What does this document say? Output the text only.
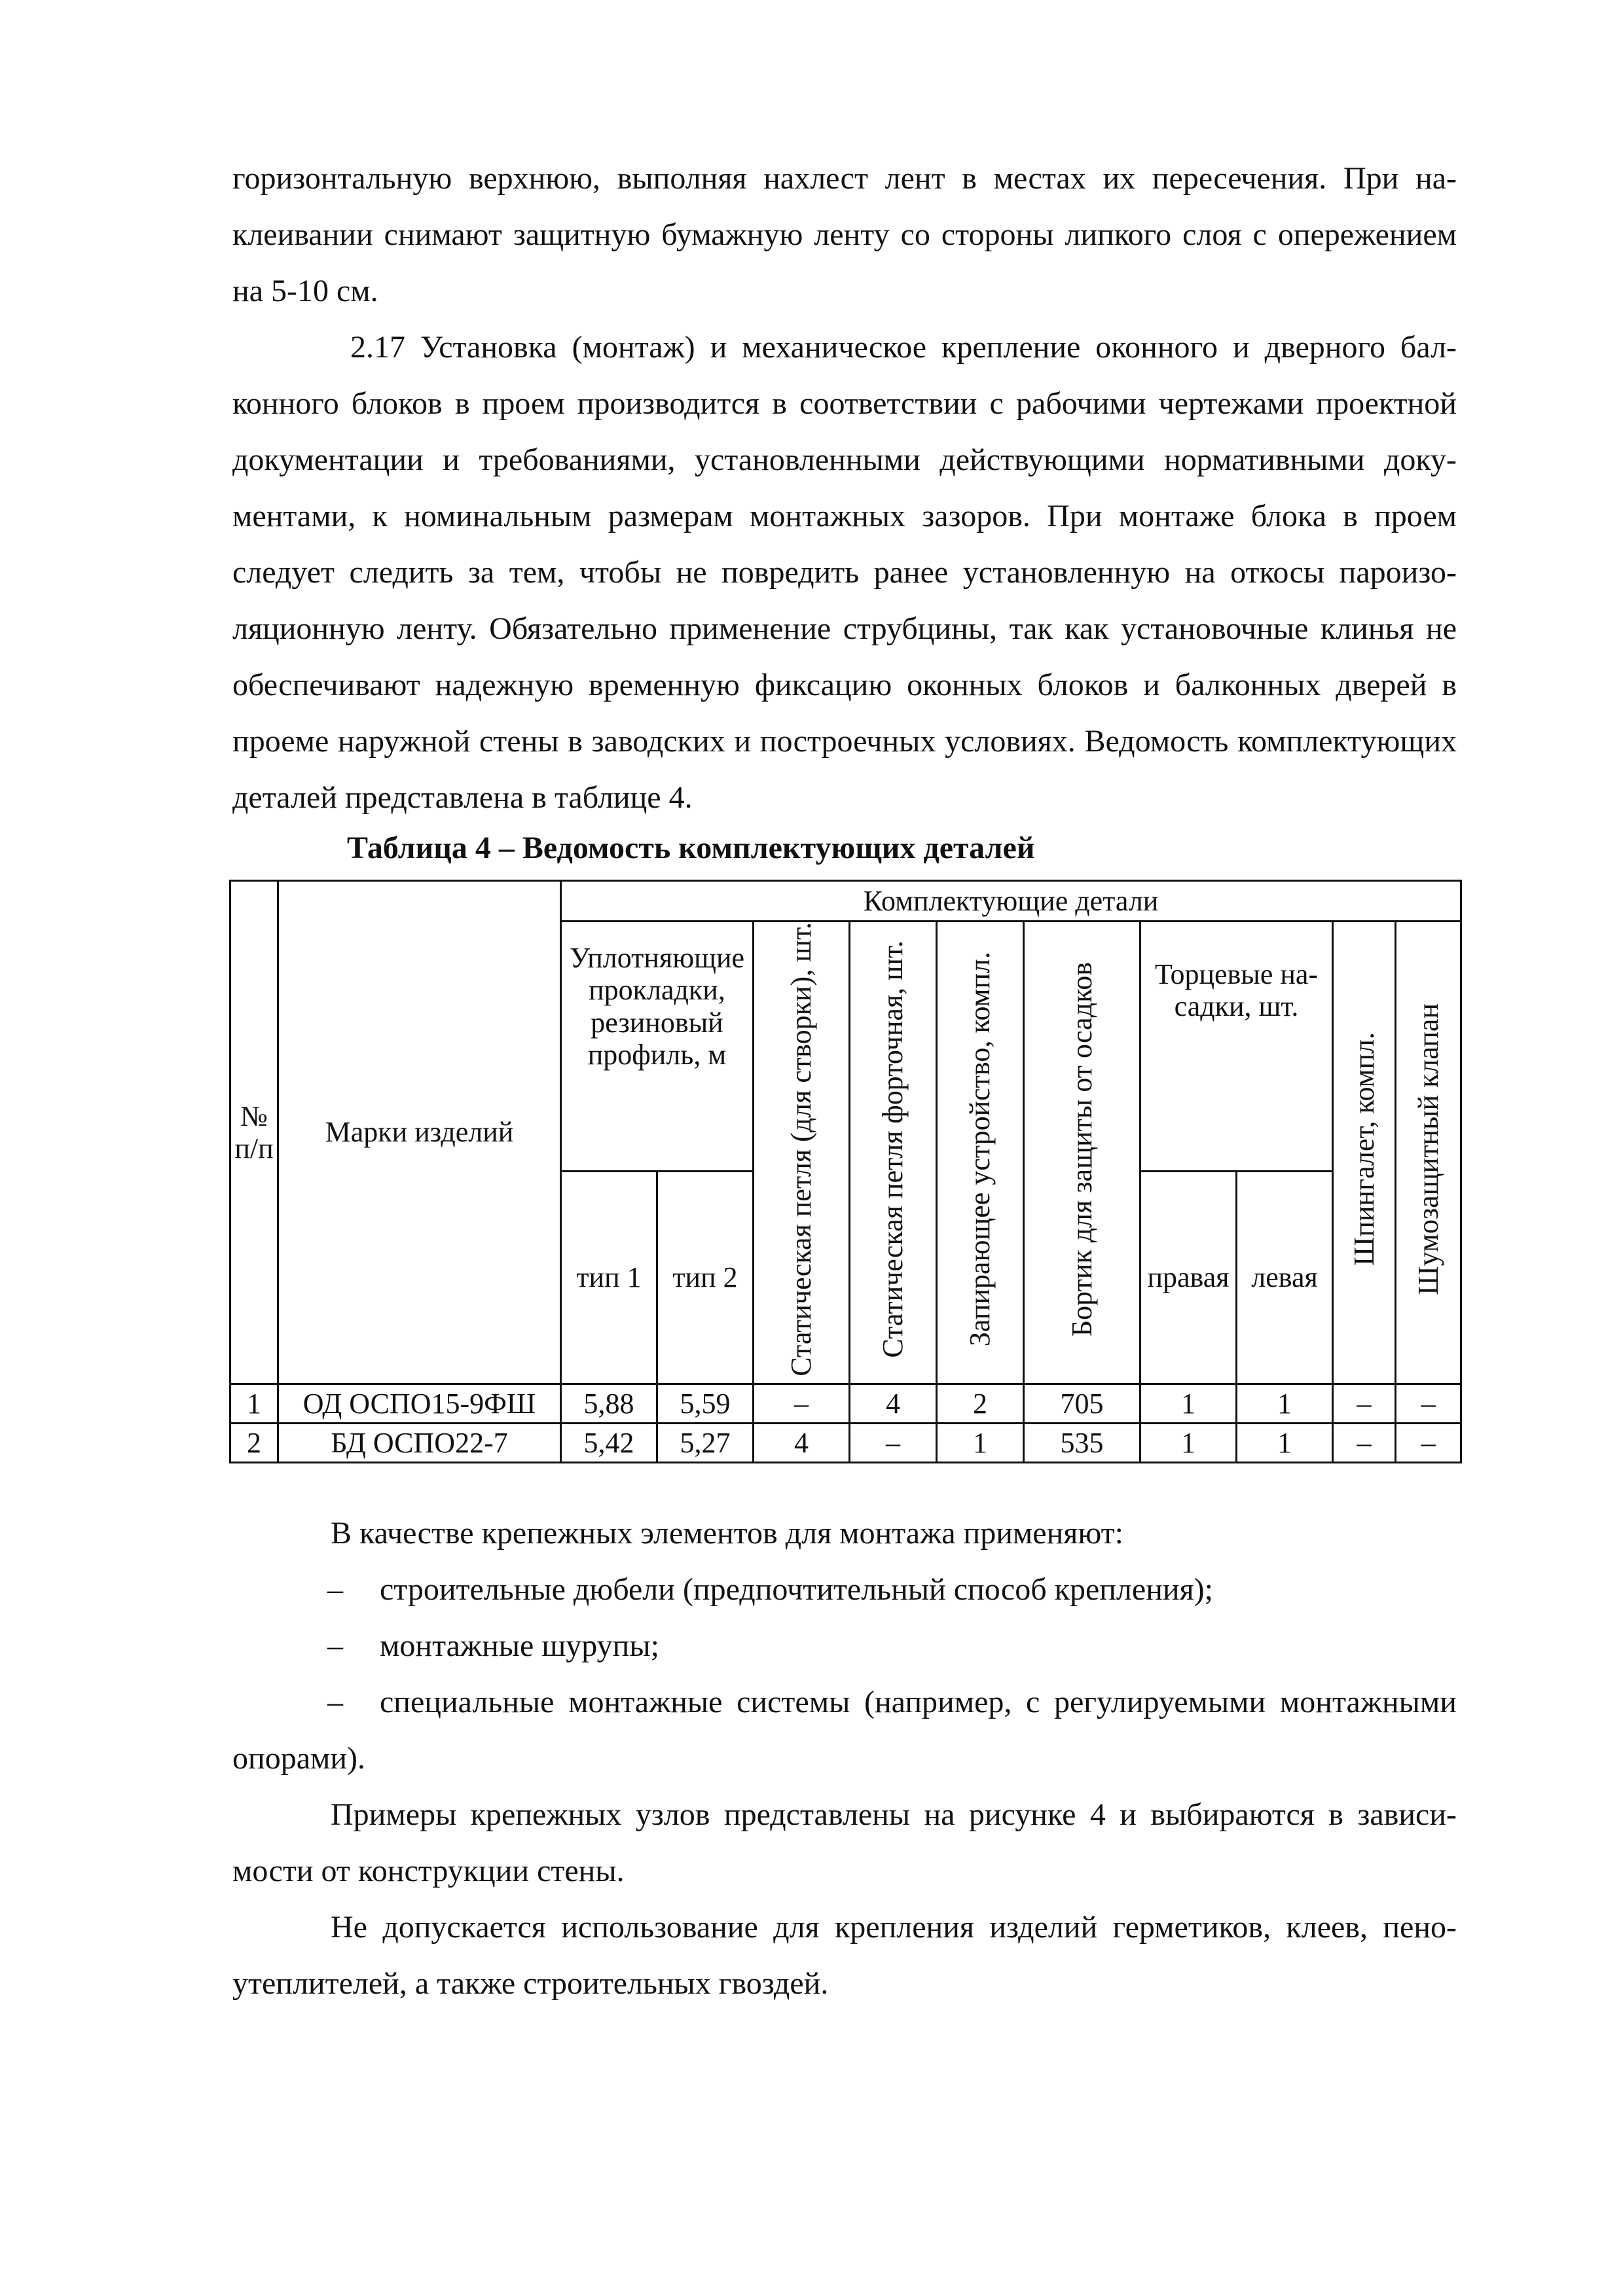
горизонтальную верхнюю, выполняя нахлест лент в местах их пересечения. При наклеивании снимают защитную бумажную ленту со стороны липкого слоя с опережением на 5-10 см.

2.17 Установка (монтаж) и механическое крепление оконного и дверного балконного блоков в проем производится в соответствии с рабочими чертежами проектной документации и требованиями, установленными действующими нормативными документами, к номинальным размерам монтажных зазоров. При монтаже блока в проем следует следить за тем, чтобы не повредить ранее установленную на откосы пароизоляционную ленту. Обязательно применение струбцины, так как установочные клинья не обеспечивают надежную временную фиксацию оконных блоков и балконных дверей в проеме наружной стены в заводских и построечных условиях. Ведомость комплектующих деталей представлена в таблице 4.

Таблица 4 – Ведомость комплектующих деталей
№ п/п	Марки изделий	Комплектующие детали									
		Уплотняющие прокладки, резиновый профиль, м		Статическая петля (для створки), шт.	Статическая петля форточная, шт.	Запирающее устройство, компл.	Бортик для защиты от осадков	Торцевые насадки, шт.		Шпингалет, компл.	Шумозащитный клапан
		тип 1	тип 2					правая	левая		
1	ОД ОСПО15-9ФШ	5,88	5,59	–	4	2	705	1	1	–	–
2	БД ОСПО22-7	5,42	5,27	4	–	1	535	1	1	–	–

В качестве крепежных элементов для монтажа применяют:

– строительные дюбели (предпочтительный способ крепления);

– монтажные шурупы;

– специальные монтажные системы (например, с регулируемыми монтажными опорами).

Примеры крепежных узлов представлены на рисунке 4 и выбираются в зависимости от конструкции стены.

Не допускается использование для крепления изделий герметиков, клеев, пеноутеплителей, а также строительных гвоздей.
